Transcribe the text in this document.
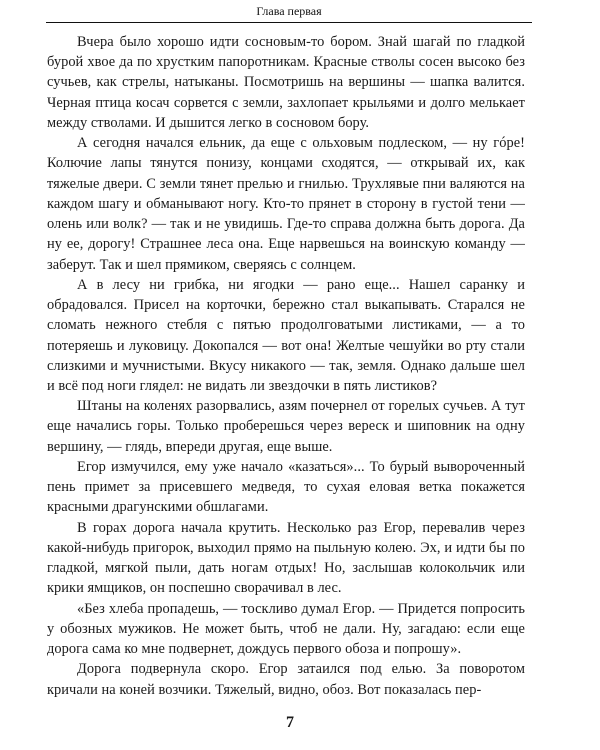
Глава первая

Вчера было хорошо идти сосновым-то бором. Знай шагай по гладкой бурой хвое да по хрустким папоротникам. Красные стволы сосен высоко без сучьев, как стрелы, натыканы. Посмотришь на вершины — шапка валится. Черная птица косач сорвется с земли, захлопает крыльями и долго мелькает между стволами. И дышится легко в сосновом бору.

А сегодня начался ельник, да еще с ольховым подлеском, — ну гóре! Колючие лапы тянутся понизу, концами сходятся, — открывай их, как тяжелые двери. С земли тянет прелью и гнилью. Трухлявые пни валяются на каждом шагу и обманывают ногу. Кто-то прянет в сторону в густой тени — олень или волк? — так и не увидишь. Где-то справа должна быть дорога. Да ну ее, дорогу! Страшнее леса она. Еще нарвешься на воинскую команду — заберут. Так и шел прямиком, сверяясь с солнцем.

А в лесу ни грибка, ни ягодки — рано еще... Нашел саранку и обрадовался. Присел на корточки, бережно стал выкапывать. Старался не сломать нежного стебля с пятью продолговатыми листиками, — а то потеряешь и луковицу. Докопался — вот она! Желтые чешуйки во рту стали слизкими и мучнистыми. Вкусу никакого — так, земля. Однако дальше шел и всё под ноги глядел: не видать ли звездочки в пять листиков?

Штаны на коленях разорвались, азям почернел от горелых сучьев. А тут еще начались горы. Только проберешься через вереск и шиповник на одну вершину, — глядь, впереди другая, еще выше.

Егор измучился, ему уже начало «казаться»... То бурый вывороченный пень примет за присевшего медведя, то сухая еловая ветка покажется красными драгунскими обшлагами.

В горах дорога начала крутить. Несколько раз Егор, перевалив через какой-нибудь пригорок, выходил прямо на пыльную колею. Эх, и идти бы по гладкой, мягкой пыли, дать ногам отдых! Но, заслышав колокольчик или крики ямщиков, он поспешно сворачивал в лес.

«Без хлеба пропадешь, — тоскливо думал Егор. — Придется попросить у обозных мужиков. Не может быть, чтоб не дали. Ну, загадаю: если еще дорога сама ко мне подвернет, дождусь первого обоза и попрошу».

Дорога подвернула скоро. Егор затаился под елью. За поворотом кричали на коней возчики. Тяжелый, видно, обоз. Вот показалась пер-

7
